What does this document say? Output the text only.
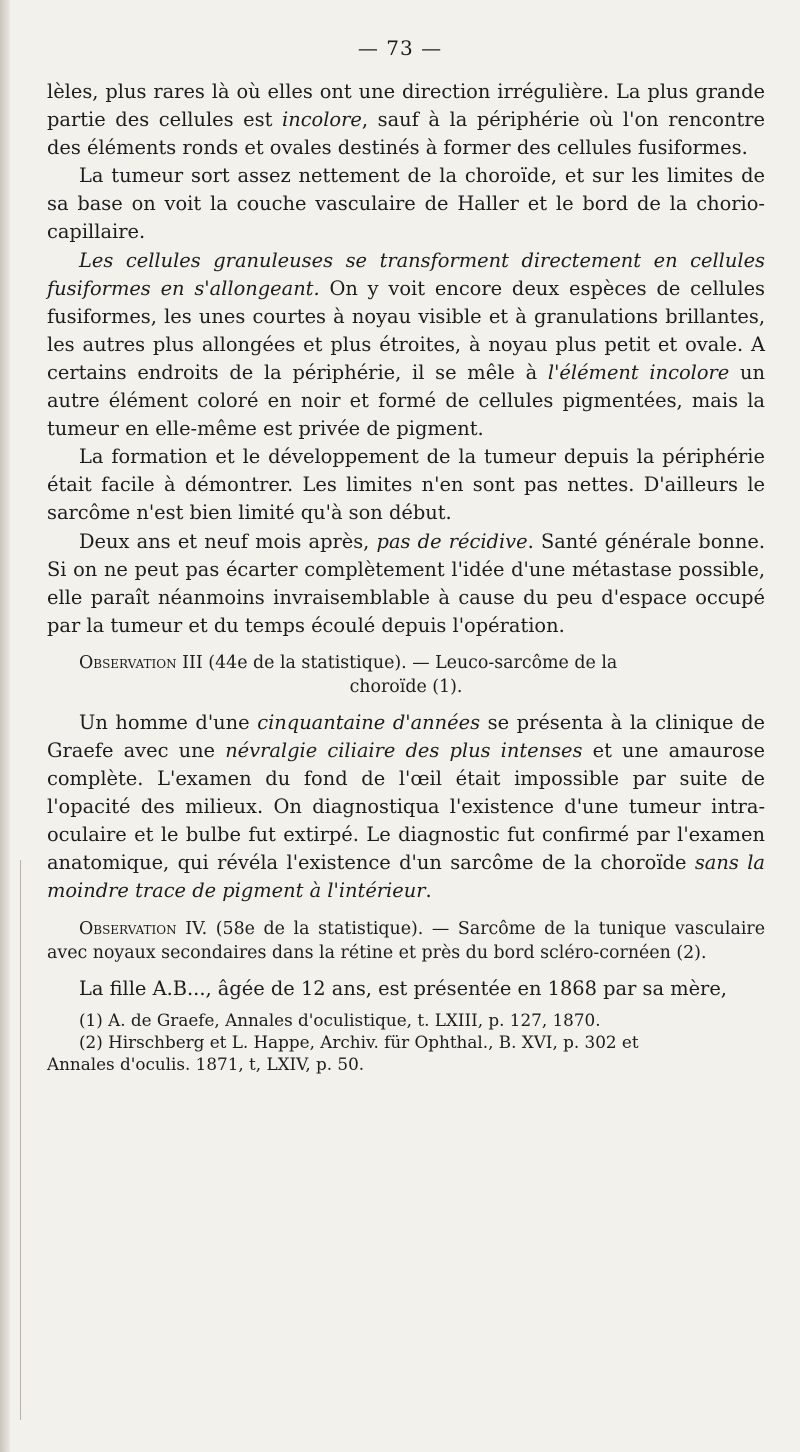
— 73 —

lèles, plus rares là où elles ont une direction irrégulière. La plus grande partie des cellules est incolore, sauf à la périphérie où l'on rencontre des éléments ronds et ovales destinés à former des cellules fusiformes.

La tumeur sort assez nettement de la choroïde, et sur les limites de sa base on voit la couche vasculaire de Haller et le bord de la chorio-capillaire.

Les cellules granuleuses se transforment directement en cellules fusiformes en s'allongeant. On y voit encore deux espèces de cellules fusiformes, les unes courtes à noyau visible et à granulations brillantes, les autres plus allongées et plus étroites, à noyau plus petit et ovale. A certains endroits de la périphérie, il se mêle à l'élément incolore un autre élément coloré en noir et formé de cellules pigmentées, mais la tumeur en elle-même est privée de pigment.

La formation et le développement de la tumeur depuis la périphérie était facile à démontrer. Les limites n'en sont pas nettes. D'ailleurs le sarcôme n'est bien limité qu'à son début.

Deux ans et neuf mois après, pas de récidive. Santé générale bonne. Si on ne peut pas écarter complètement l'idée d'une métastase possible, elle paraît néanmoins invraisemblable à cause du peu d'espace occupé par la tumeur et du temps écoulé depuis l'opération.

Observation III (44e de la statistique). — Leuco-sarcôme de la
choroïde (1).

Un homme d'une cinquantaine d'années se présenta à la clinique de Graefe avec une névralgie ciliaire des plus intenses et une amaurose complète. L'examen du fond de l'œil était impossible par suite de l'opacité des milieux. On diagnostiqua l'existence d'une tumeur intra-oculaire et le bulbe fut extirpé. Le diagnostic fut confirmé par l'examen anatomique, qui révéla l'existence d'un sarcôme de la choroïde sans la moindre trace de pigment à l'intérieur.

Observation IV. (58e de la statistique). — Sarcôme de la tunique vasculaire avec noyaux secondaires dans la rétine et près du bord scléro-cornéen (2).

La fille A.B..., âgée de 12 ans, est présentée en 1868 par sa mère,

(1) A. de Graefe, Annales d'oculistique, t. LXIII, p. 127, 1870.

(2) Hirschberg et L. Happe, Archiv. für Ophthal., B. XVI, p. 302 et

Annales d'oculis. 1871, t, LXIV, p. 50.
